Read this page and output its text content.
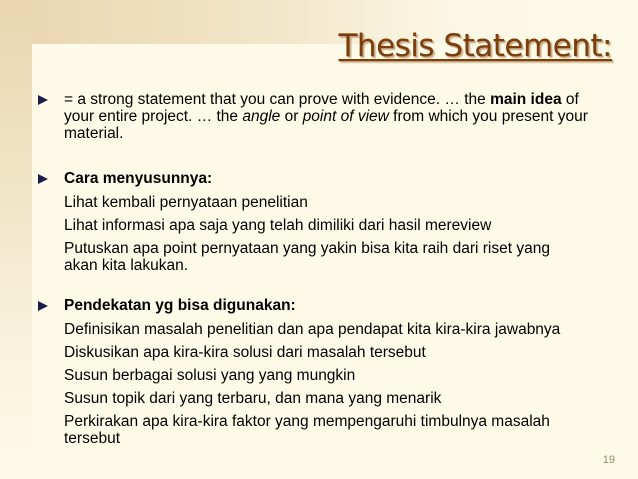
Thesis Statement:
= a strong statement that you can prove with evidence. … the main idea of your entire project. … the angle or point of view from which you present your material.
Cara menyusunnya:
Lihat kembali pernyataan penelitian
Lihat informasi apa saja yang telah dimiliki dari hasil mereview
Putuskan apa point pernyataan yang yakin bisa kita raih dari riset yang akan kita lakukan.
Pendekatan yg bisa digunakan:
Definisikan masalah penelitian dan apa pendapat kita kira-kira jawabnya
Diskusikan apa kira-kira solusi dari masalah tersebut
Susun berbagai solusi yang yang mungkin
Susun topik dari yang terbaru, dan mana yang menarik
Perkirakan apa kira-kira faktor yang mempengaruhi timbulnya masalah tersebut
19
